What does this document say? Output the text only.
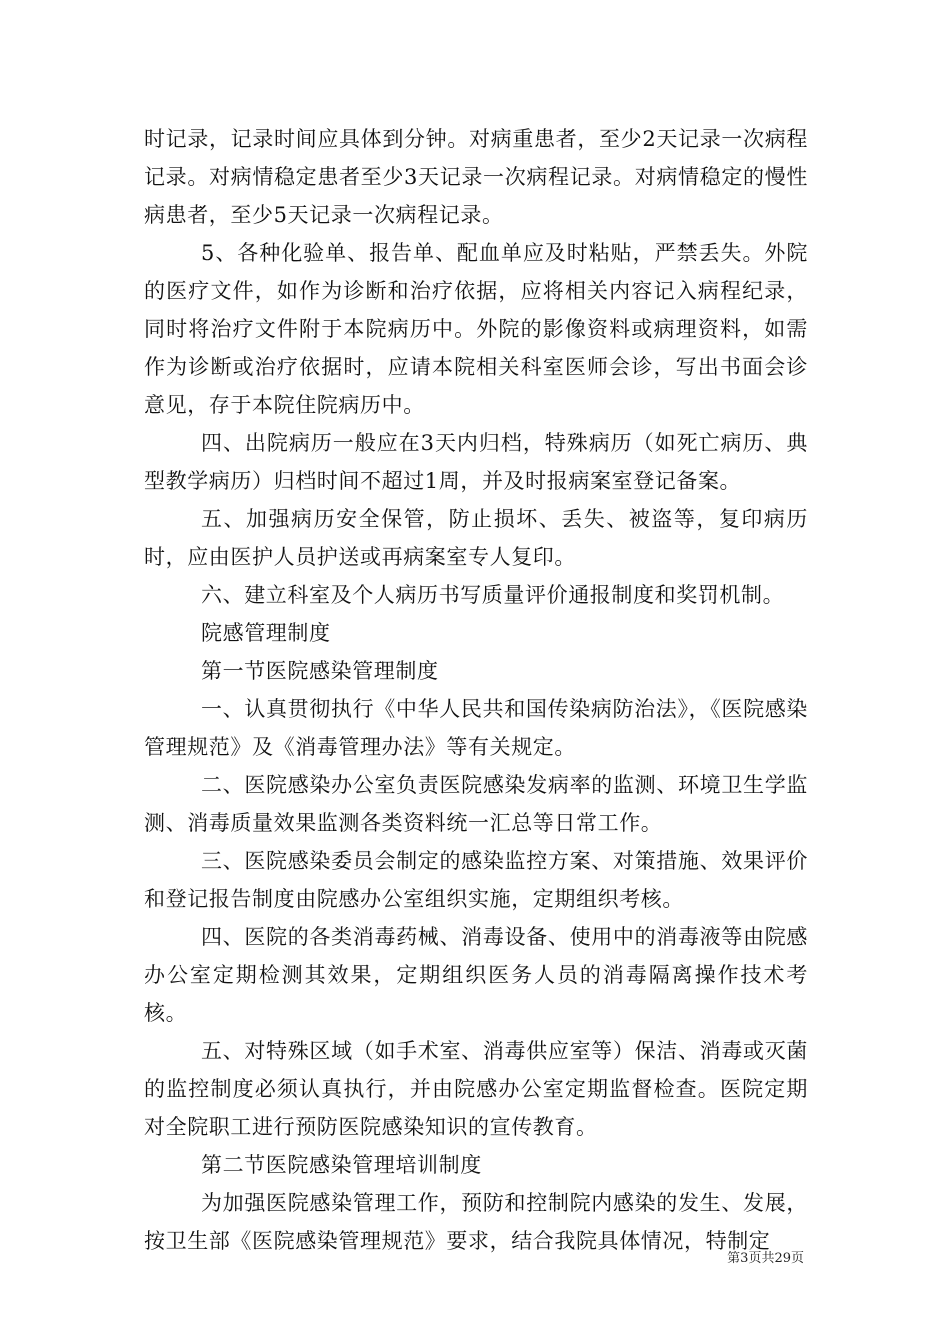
时记录，记录时间应具体到分钟。对病重患者，至少2天记录一次病程记录。对病情稳定患者至少3天记录一次病程记录。对病情稳定的慢性病患者，至少5天记录一次病程记录。

5、各种化验单、报告单、配血单应及时粘贴，严禁丢失。外院的医疗文件，如作为诊断和治疗依据，应将相关内容记入病程纪录，同时将治疗文件附于本院病历中。外院的影像资料或病理资料，如需作为诊断或治疗依据时，应请本院相关科室医师会诊，写出书面会诊意见，存于本院住院病历中。

四、出院病历一般应在3天内归档，特殊病历（如死亡病历、典型教学病历）归档时间不超过1周，并及时报病案室登记备案。

五、加强病历安全保管，防止损坏、丢失、被盗等，复印病历时，应由医护人员护送或再病案室专人复印。

六、建立科室及个人病历书写质量评价通报制度和奖罚机制。

院感管理制度

第一节医院感染管理制度

一、认真贯彻执行《中华人民共和国传染病防治法》，《医院感染管理规范》及《消毒管理办法》等有关规定。

二、医院感染办公室负责医院感染发病率的监测、环境卫生学监测、消毒质量效果监测各类资料统一汇总等日常工作。

三、医院感染委员会制定的感染监控方案、对策措施、效果评价和登记报告制度由院感办公室组织实施，定期组织考核。

四、医院的各类消毒药械、消毒设备、使用中的消毒液等由院感办公室定期检测其效果，定期组织医务人员的消毒隔离操作技术考核。

五、对特殊区域（如手术室、消毒供应室等）保洁、消毒或灭菌的监控制度必须认真执行，并由院感办公室定期监督检查。医院定期对全院职工进行预防医院感染知识的宣传教育。

第二节医院感染管理培训制度

为加强医院感染管理工作，预防和控制院内感染的发生、发展，按卫生部《医院感染管理规范》要求，结合我院具体情况，特制定

第3页共29页
